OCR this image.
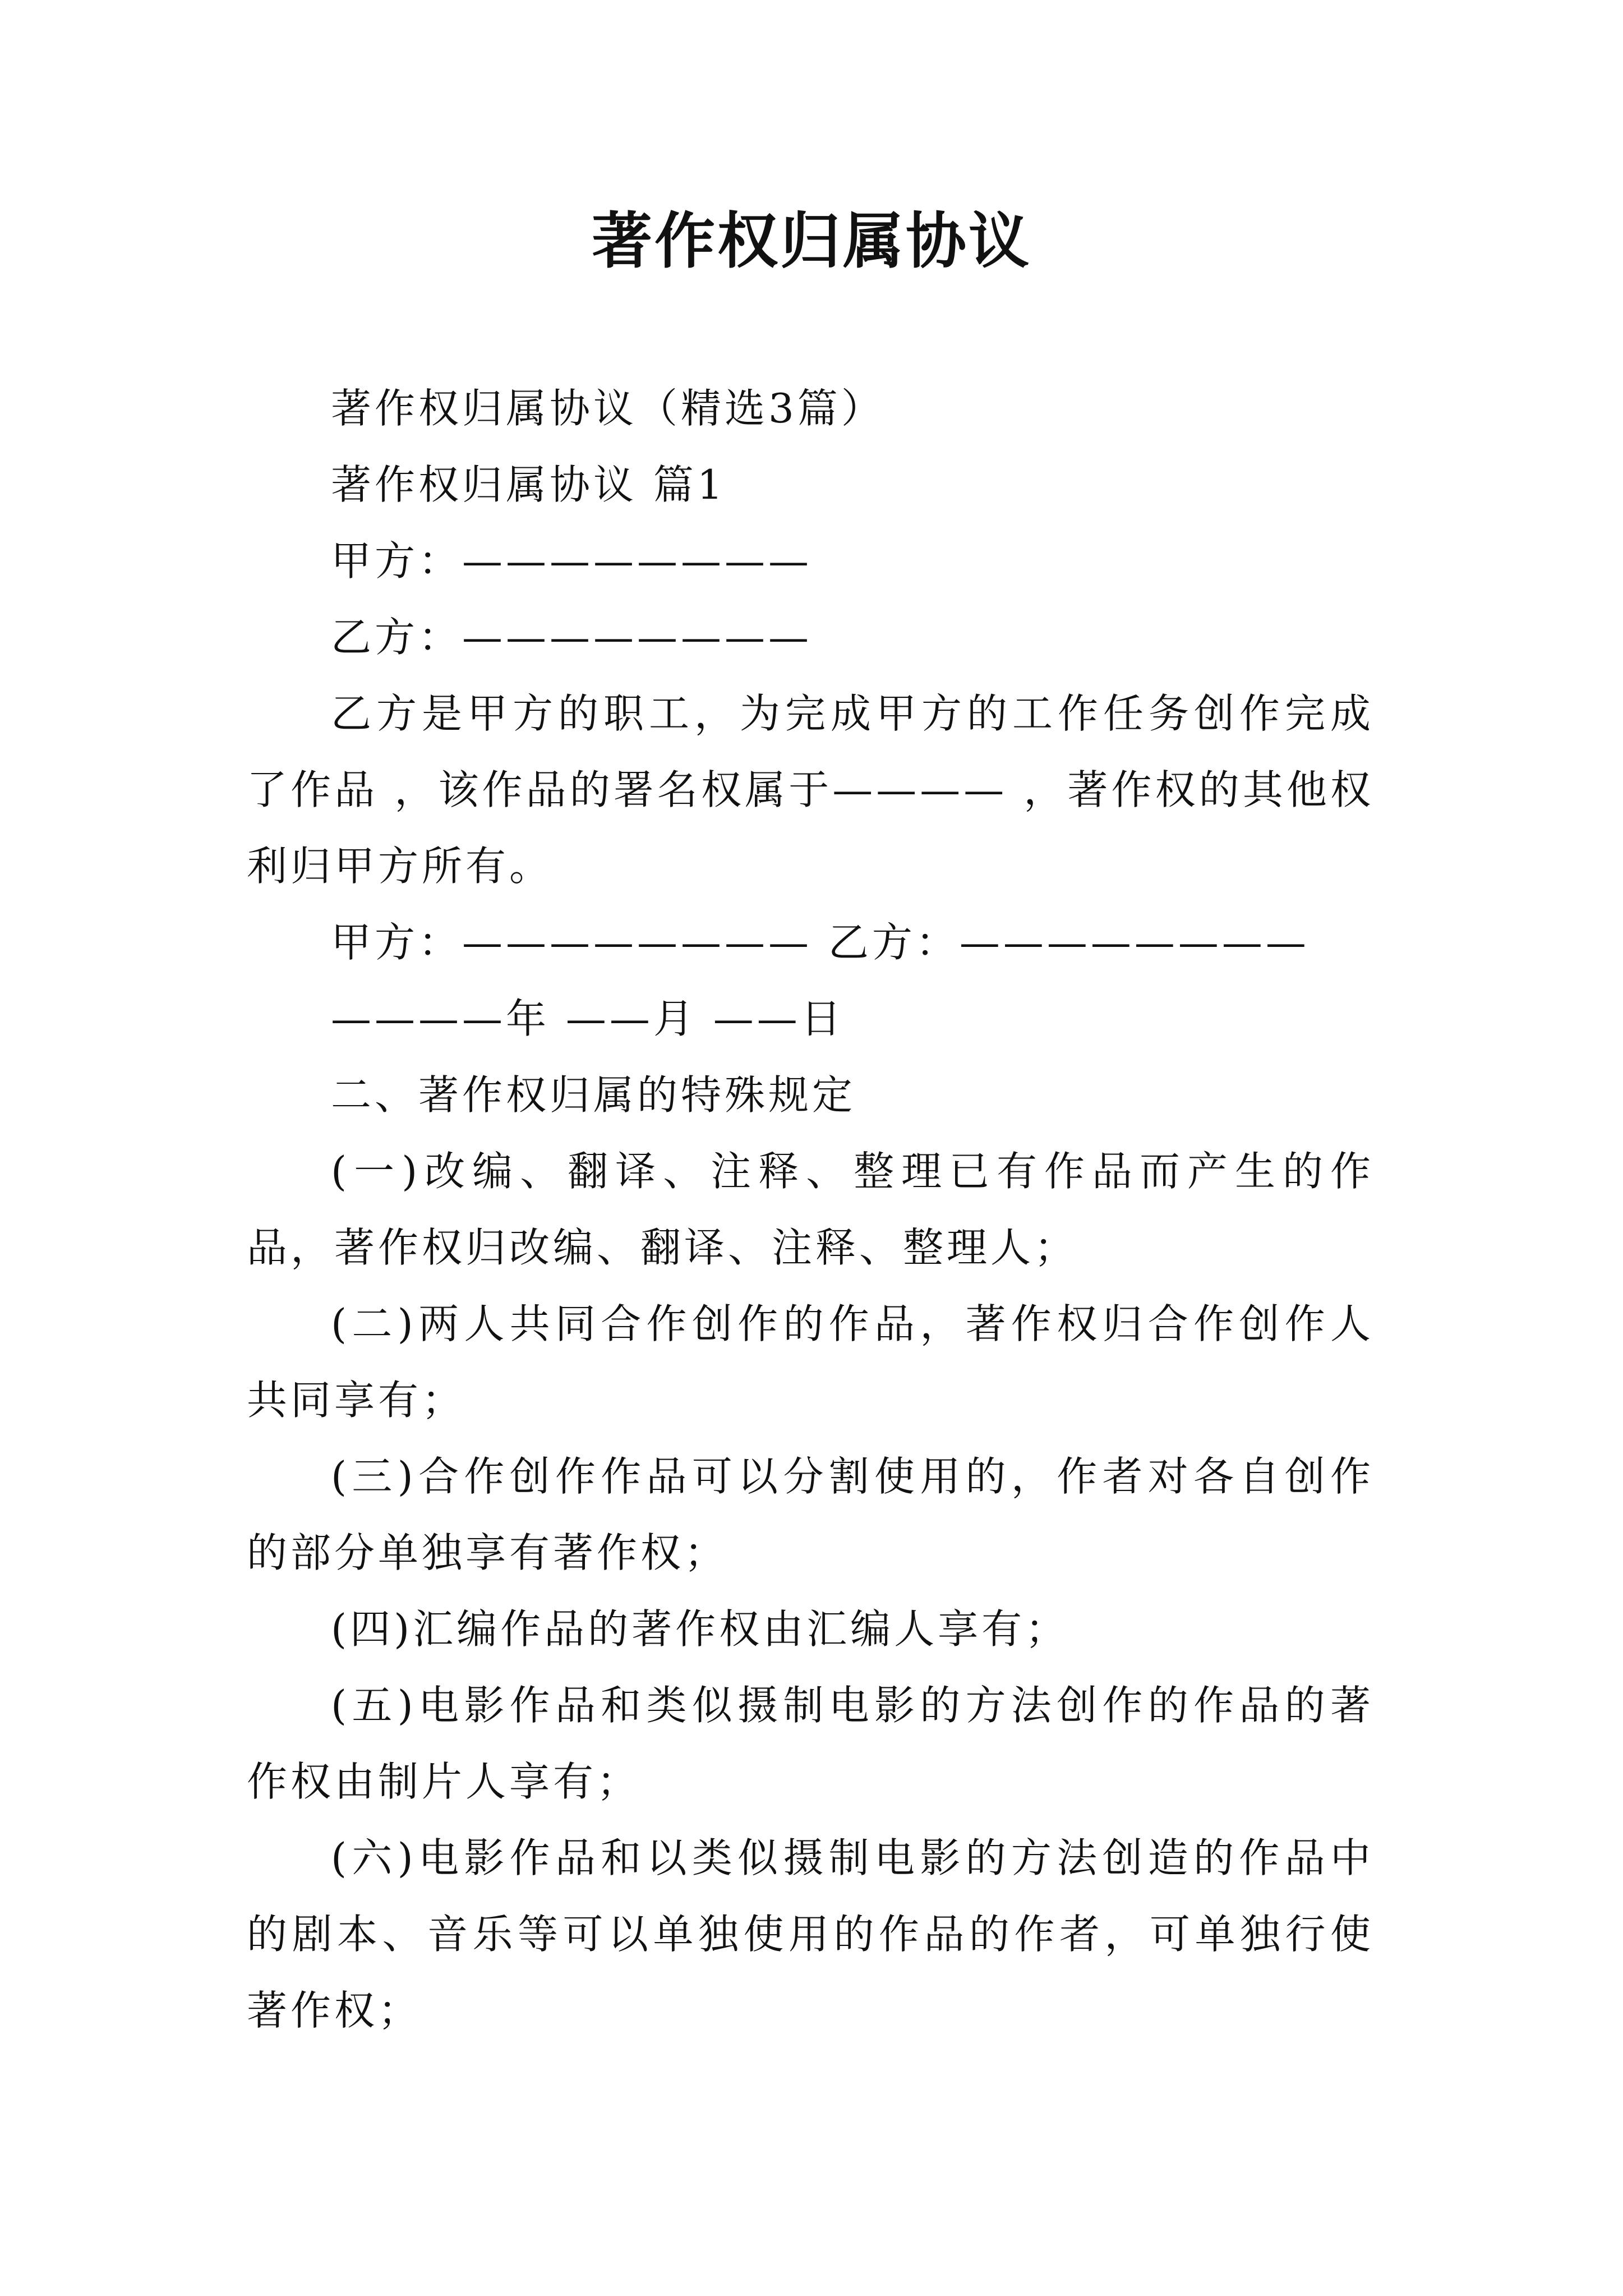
著作权归属协议

著作权归属协议（精选3篇）

著作权归属协议 篇1

甲方：————————

乙方：————————

乙方是甲方的职工，为完成甲方的工作任务创作完成了作品 ，该作品的署名权属于———— ，著作权的其他权利归甲方所有。

甲方：———————— 乙方：————————

————年 ——月 ——日

二、著作权归属的特殊规定

(一)改编、翻译、注释、整理已有作品而产生的作品，著作权归改编、翻译、注释、整理人；

(二)两人共同合作创作的作品，著作权归合作创作人共同享有；

(三)合作创作作品可以分割使用的，作者对各自创作的部分单独享有著作权；

(四)汇编作品的著作权由汇编人享有；

(五)电影作品和类似摄制电影的方法创作的作品的著作权由制片人享有；

(六)电影作品和以类似摄制电影的方法创造的作品中的剧本、音乐等可以单独使用的作品的作者，可单独行使著作权；
